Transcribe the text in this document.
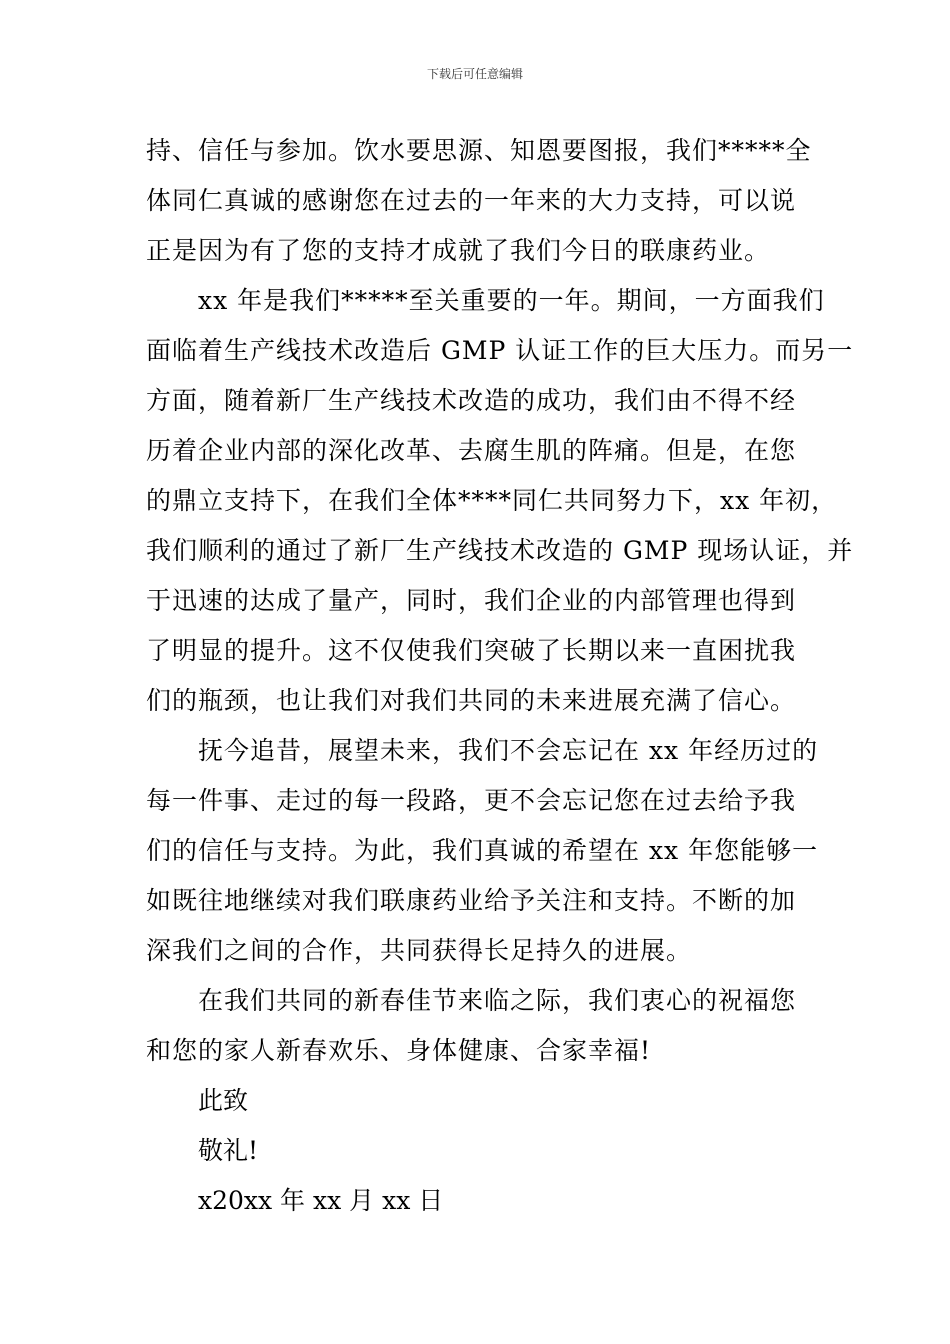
下载后可任意编辑

持、信任与参加。饮水要思源、知恩要图报，我们*****全
体同仁真诚的感谢您在过去的一年来的大力支持，可以说
正是因为有了您的支持才成就了我们今日的联康药业。

xx 年是我们*****至关重要的一年。期间，一方面我们
面临着生产线技术改造后 GMP 认证工作的巨大压力。而另一
方面，随着新厂生产线技术改造的成功，我们由不得不经
历着企业内部的深化改革、去腐生肌的阵痛。但是，在您
的鼎立支持下，在我们全体****同仁共同努力下，xx 年初，
我们顺利的通过了新厂生产线技术改造的 GMP 现场认证，并
于迅速的达成了量产，同时，我们企业的内部管理也得到
了明显的提升。这不仅使我们突破了长期以来一直困扰我
们的瓶颈，也让我们对我们共同的未来进展充满了信心。

抚今追昔，展望未来，我们不会忘记在 xx 年经历过的
每一件事、走过的每一段路，更不会忘记您在过去给予我
们的信任与支持。为此，我们真诚的希望在 xx 年您能够一
如既往地继续对我们联康药业给予关注和支持。不断的加
深我们之间的合作，共同获得长足持久的进展。

在我们共同的新春佳节来临之际，我们衷心的祝福您
和您的家人新春欢乐、身体健康、合家幸福!

此致

敬礼!

x20xx 年 xx 月 xx 日
